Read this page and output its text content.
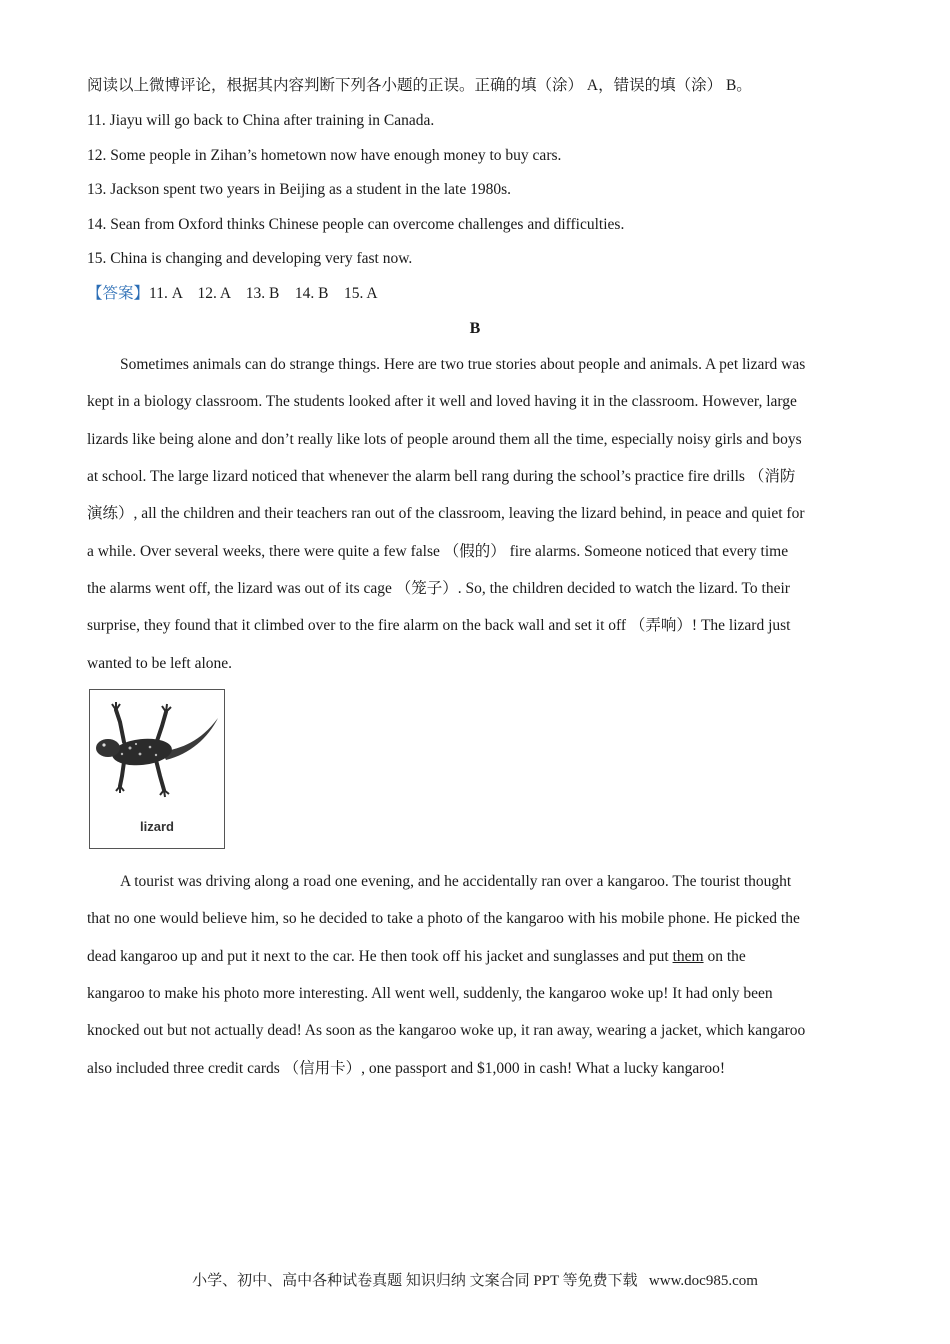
阅读以上微博评论，根据其内容判断下列各小题的正误。正确的填（涂） A，错误的填（涂） B。
11. Jiayu will go back to China after training in Canada.
12. Some people in Zihan’s hometown now have enough money to buy cars.
13. Jackson spent two years in Beijing as a student in the late 1980s.
14. Sean from Oxford thinks Chinese people can overcome challenges and difficulties.
15. China is changing and developing very fast now.
【答案】11. A    12. A    13. B    14. B    15. A
B
Sometimes animals can do strange things. Here are two true stories about people and animals. A pet lizard was
kept in a biology classroom. The students looked after it well and loved having it in the classroom. However, large
lizards like being alone and don’t really like lots of people around them all the time, especially noisy girls and boys
at school. The large lizard noticed that whenever the alarm bell rang during the school’s practice fire drills （消防
演练）, all the children and their teachers ran out of the classroom, leaving the lizard behind, in peace and quiet for
a while. Over several weeks, there were quite a few false （假的） fire alarms. Someone noticed that every time
the alarms went off, the lizard was out of its cage （笼子）. So, the children decided to watch the lizard. To their
surprise, they found that it climbed over to the fire alarm on the back wall and set it off （弄响）! The lizard just
wanted to be left alone.
lizard
A tourist was driving along a road one evening, and he accidentally ran over a kangaroo. The tourist thought
that no one would believe him, so he decided to take a photo of the kangaroo with his mobile phone. He picked the
dead kangaroo up and put it next to the car. He then took off his jacket and sunglasses and put them on the
kangaroo to make his photo more interesting. All went well, suddenly, the kangaroo woke up! It had only been
knocked out but not actually dead! As soon as the kangaroo woke up, it ran away, wearing a jacket, which kangaroo
also included three credit cards （信用卡）, one passport and $1,000 in cash! What a lucky kangaroo!
小学、初中、高中各种试卷真题 知识归纳 文案合同 PPT 等免费下载   www.doc985.com
